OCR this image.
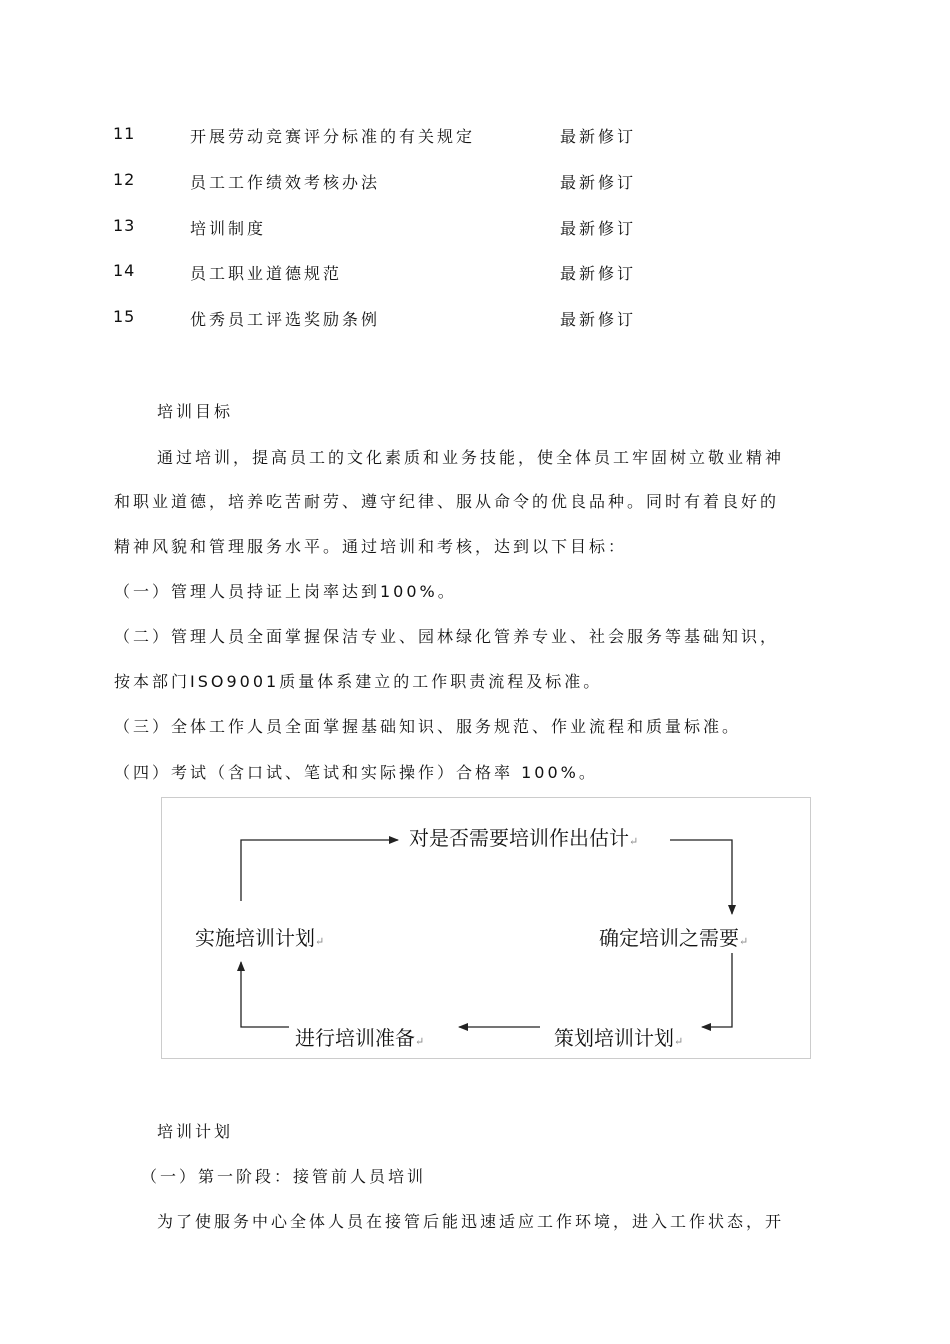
11	开展劳动竞赛评分标准的有关规定	最新修订
12	员工工作绩效考核办法	最新修订
13	培训制度	最新修订
14	员工职业道德规范	最新修订
15	优秀员工评选奖励条例	最新修订
培训目标
通过培训，提高员工的文化素质和业务技能，使全体员工牢固树立敬业精神
和职业道德，培养吃苦耐劳、遵守纪律、服从命令的优良品种。同时有着良好的
精神风貌和管理服务水平。通过培训和考核，达到以下目标：
（一）管理人员持证上岗率达到100%。
（二）管理人员全面掌握保洁专业、园林绿化管养专业、社会服务等基础知识，
按本部门ISO9001质量体系建立的工作职责流程及标准。
（三）全体工作人员全面掌握基础知识、服务规范、作业流程和质量标准。
（四）考试（含口试、笔试和实际操作）合格率 100%。
对是否需要培训作出估计↵
确定培训之需要↵
策划培训计划↵
进行培训准备↵
实施培训计划↵
培训计划
（一）第一阶段：接管前人员培训
为了使服务中心全体人员在接管后能迅速适应工作环境，进入工作状态，开
